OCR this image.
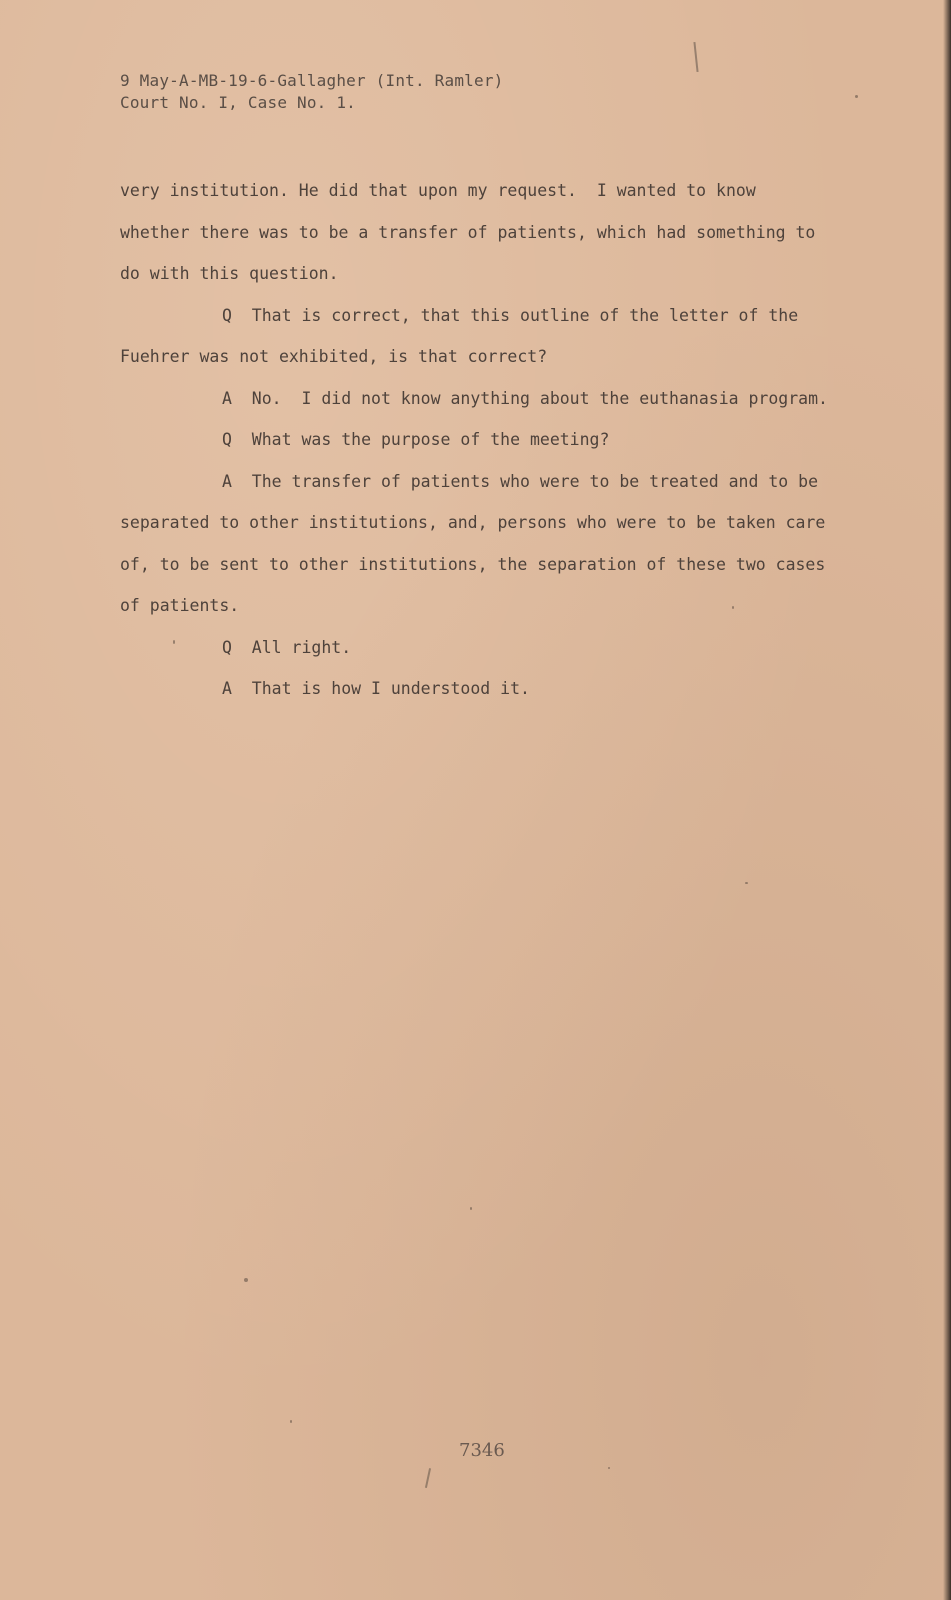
9 May-A-MB-19-6-Gallagher (Int. Ramler)
Court No. I, Case No. 1.
very institution. He did that upon my request.  I wanted to know
whether there was to be a transfer of patients, which had something to
do with this question.
Q  That is correct, that this outline of the letter of the
Fuehrer was not exhibited, is that correct?
A  No.  I did not know anything about the euthanasia program.
Q  What was the purpose of the meeting?
A  The transfer of patients who were to be treated and to be
separated to other institutions, and, persons who were to be taken care
of, to be sent to other institutions, the separation of these two cases
of patients.
Q  All right.
A  That is how I understood it.
7346
